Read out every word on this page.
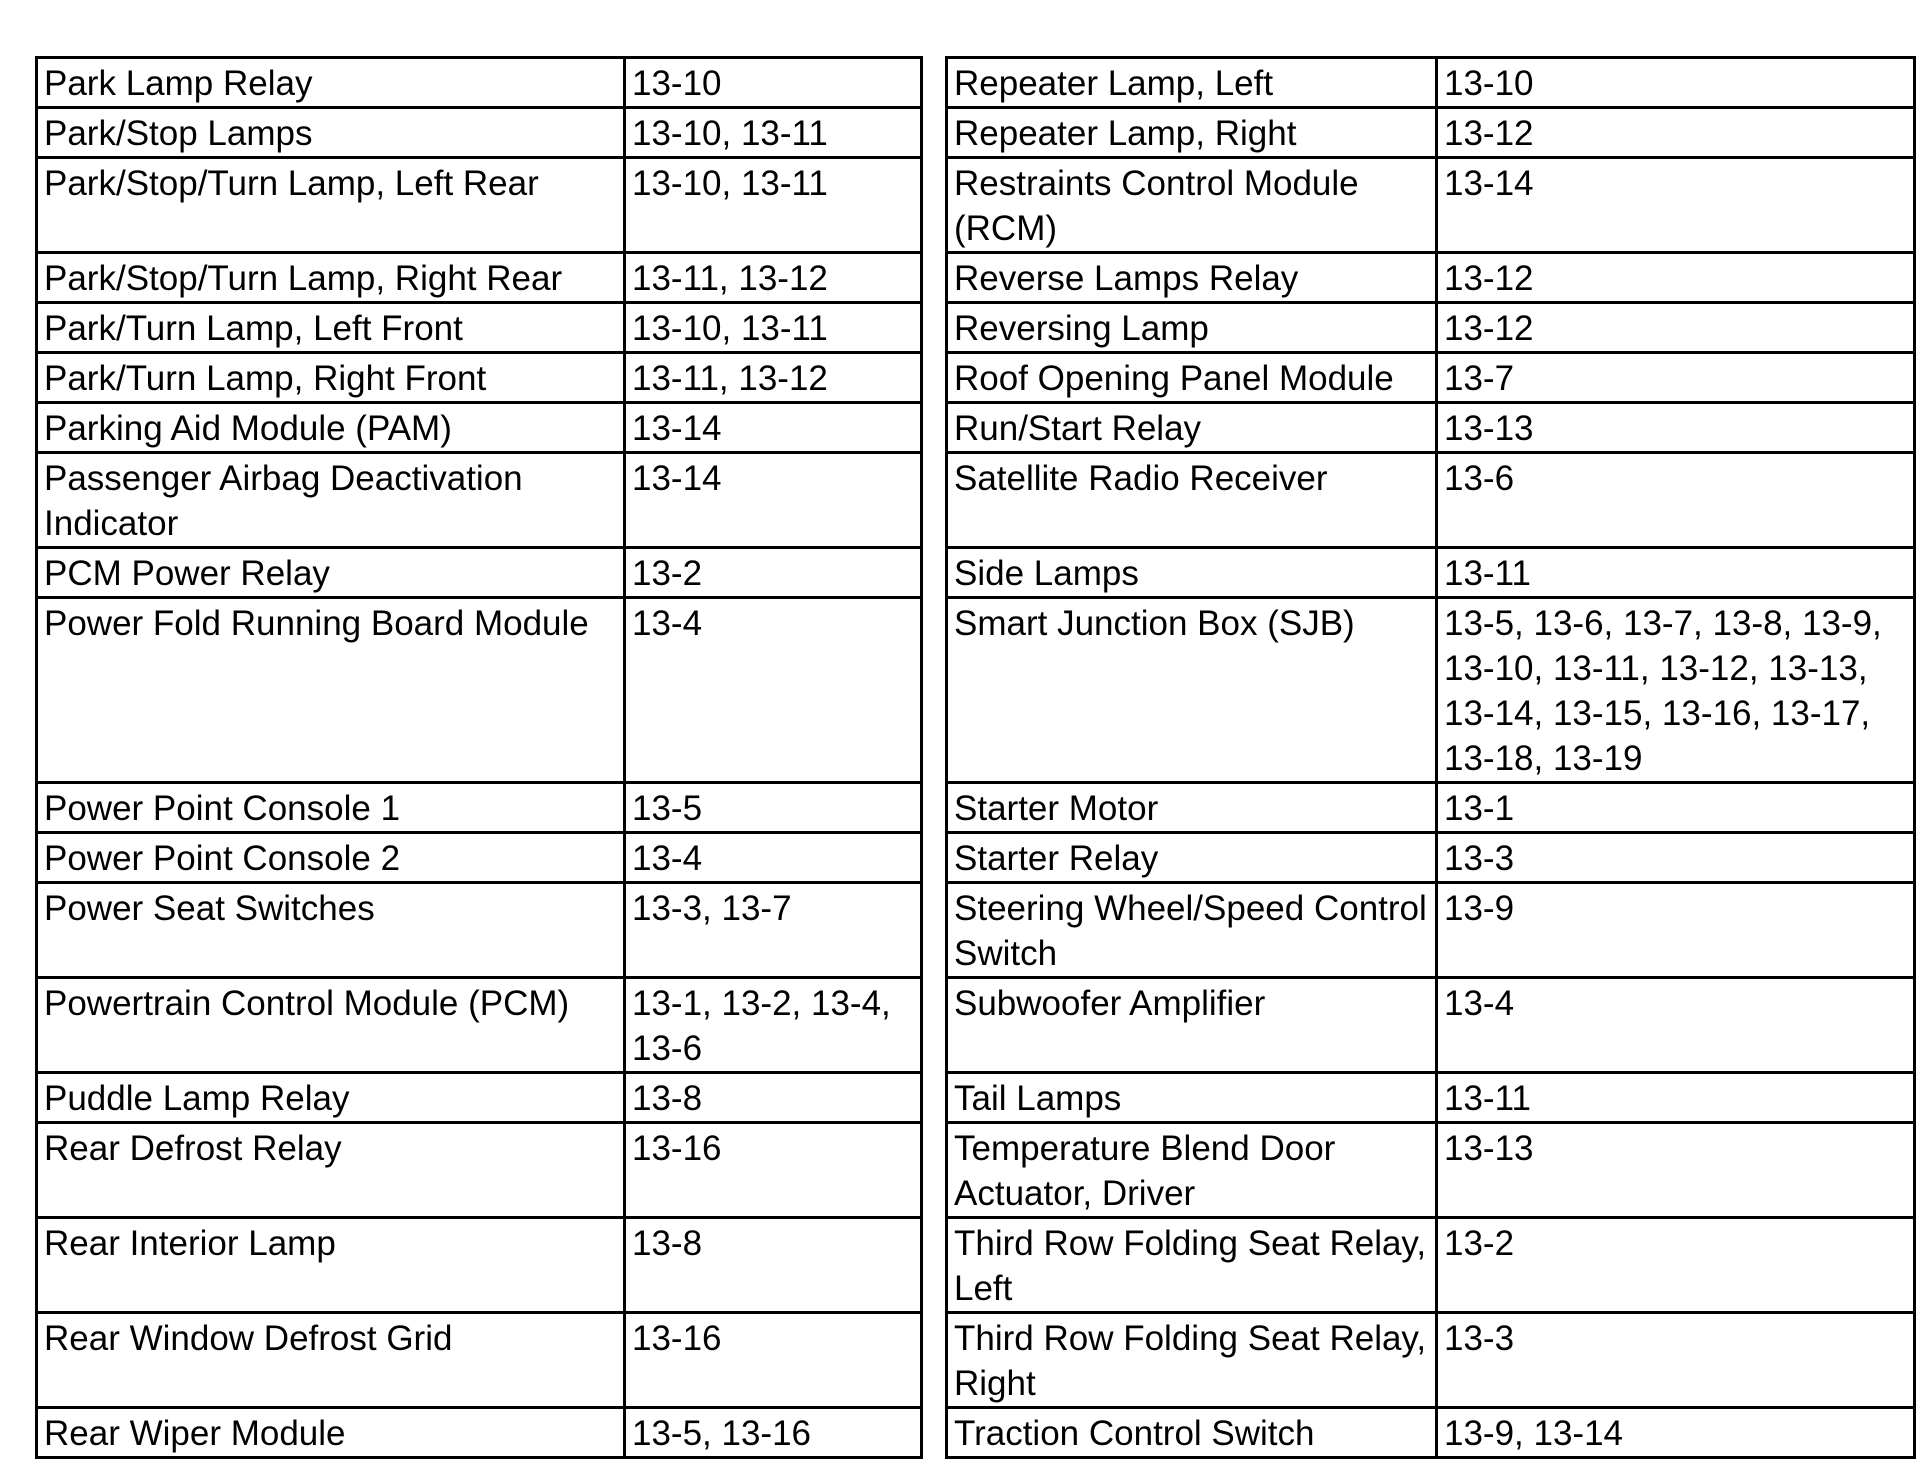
Park Lamp Relay	13-10		Repeater Lamp, Left	13-10
Park/Stop Lamps	13-10, 13-11		Repeater Lamp, Right	13-12
Park/Stop/Turn Lamp, Left Rear	13-10, 13-11		Restraints Control Module (RCM)	13-14
Park/Stop/Turn Lamp, Right Rear	13-11, 13-12		Reverse Lamps Relay	13-12
Park/Turn Lamp, Left Front	13-10, 13-11		Reversing Lamp	13-12
Park/Turn Lamp, Right Front	13-11, 13-12		Roof Opening Panel Module	13-7
Parking Aid Module (PAM)	13-14		Run/Start Relay	13-13
Passenger Airbag Deactivation Indicator	13-14		Satellite Radio Receiver	13-6
PCM Power Relay	13-2		Side Lamps	13-11
Power Fold Running Board Module	13-4		Smart Junction Box (SJB)	13-5, 13-6, 13-7, 13-8, 13-9, 13-10, 13-11, 13-12, 13-13, 13-14, 13-15, 13-16, 13-17, 13-18, 13-19
Power Point Console 1	13-5		Starter Motor	13-1
Power Point Console 2	13-4		Starter Relay	13-3
Power Seat Switches	13-3, 13-7		Steering Wheel/Speed Control Switch	13-9
Powertrain Control Module (PCM)	13-1, 13-2, 13-4, 13-6		Subwoofer Amplifier	13-4
Puddle Lamp Relay	13-8		Tail Lamps	13-11
Rear Defrost Relay	13-16		Temperature Blend Door Actuator, Driver	13-13
Rear Interior Lamp	13-8		Third Row Folding Seat Relay, Left	13-2
Rear Window Defrost Grid	13-16		Third Row Folding Seat Relay, Right	13-3
Rear Wiper Module	13-5, 13-16		Traction Control Switch	13-9, 13-14
